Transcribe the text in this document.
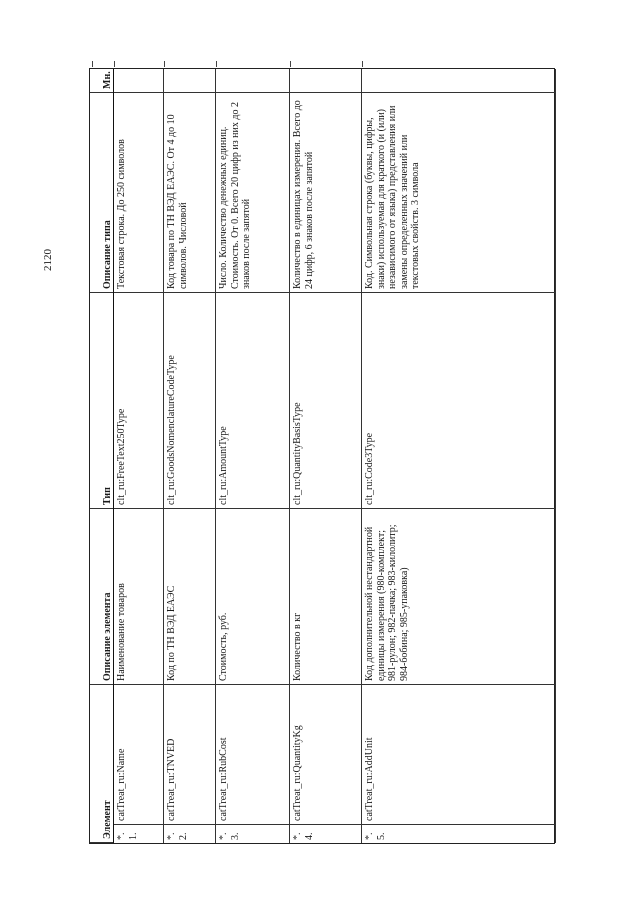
2120
Элемент
Описание элемента
Тип
Описание типа
Мн.
*.1.
catTreat_ru:Name
Наименование товаров
clt_ru:FreeText250Type
Текстовая строка. До 250 символов
*.2.
catTreat_ru:TNVED
Код по ТН ВЭД ЕАЭС
clt_ru:GoodsNomenclatureCodeType
Код товара по ТН ВЭД ЕАЭС. От 4 до 10 символов. Числовой
*.3.
catTreat_ru:RubCost
Стоимость, руб.
clt_ru:AmountType
Число. Количество денежных единиц. Стоимость. От 0. Всего 20 цифр из них до 2 знаков после запятой
*.4.
catTreat_ru:QuantityKg
Количество в кг
clt_ru:QuantityBasisType
Количество в единицах измерения. Всего до 24 цифр, 6 знаков после запятой
*.5.
catTreat_ru:AddUnit
Код дополнительной нестандартной единицы измерения (980-комплект; 981-рулон; 982-пачка; 983-килолитр; 984-бобина; 985-упаковка)
clt_ru:Code3Type
Код. Символьная строка (буквы, цифры, знаки) используемая для краткого (и (или) независимого от языка) представления или замены определенных значений или текстовых свойств. 3 символа
